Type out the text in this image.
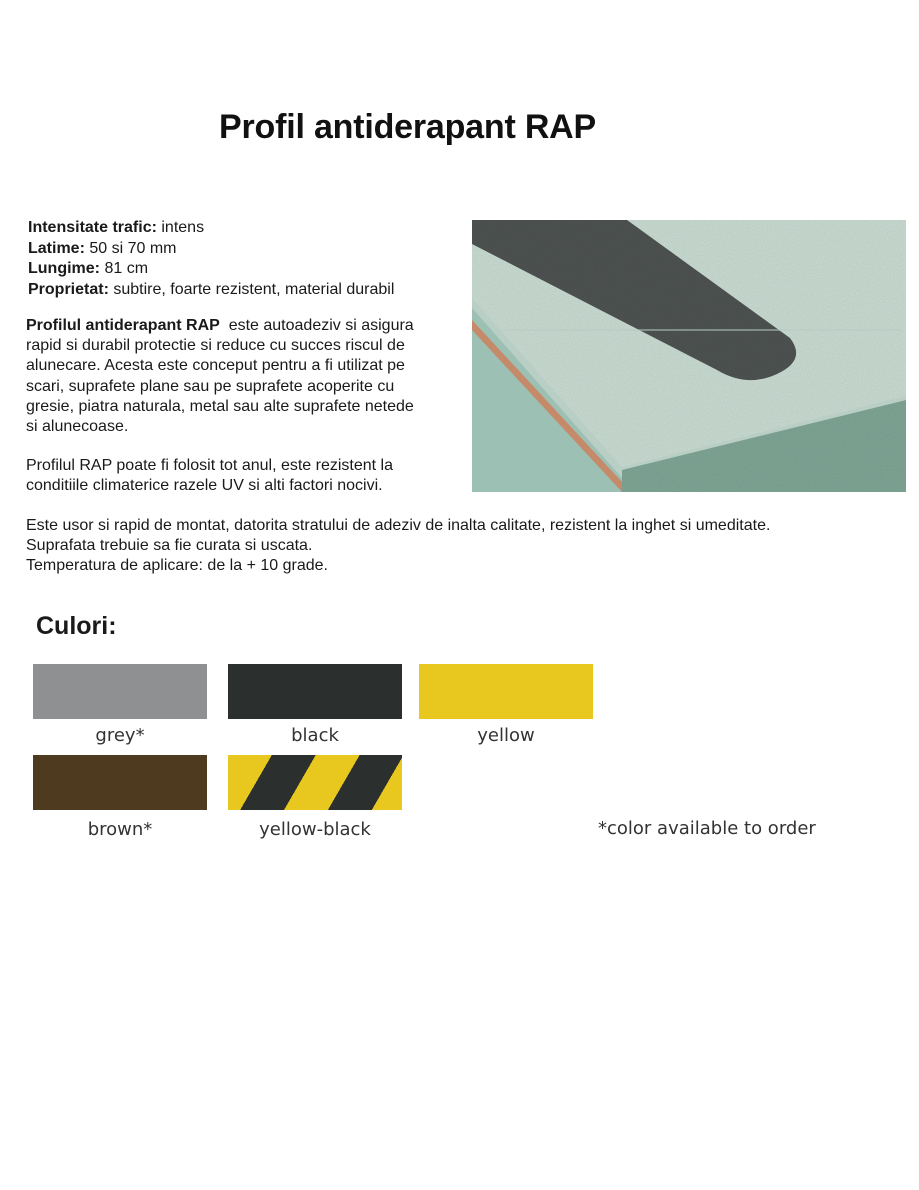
Profil antiderapant RAP
Intensitate trafic: intens
Latime: 50 si 70 mm
Lungime: 81 cm
Proprietat: subtire, foarte rezistent, material durabil
Profilul antiderapant RAP  este autoadeziv si asigura
rapid si durabil protectie si reduce cu succes riscul de
alunecare. Acesta este conceput pentru a fi utilizat pe
scari, suprafete plane sau pe suprafete acoperite cu
gresie, piatra naturala, metal sau alte suprafete netede
si alunecoase.
Profilul RAP poate fi folosit tot anul, este rezistent la
conditiile climaterice razele UV si alti factori nocivi.
Este usor si rapid de montat, datorita stratului de adeziv de inalta calitate, rezistent la inghet si umeditate.
Suprafata trebuie sa fie curata si uscata.
Temperatura de aplicare: de la + 10 grade.
Culori:
grey*	black	yellow
brown*	yellow-black	*color available to order
